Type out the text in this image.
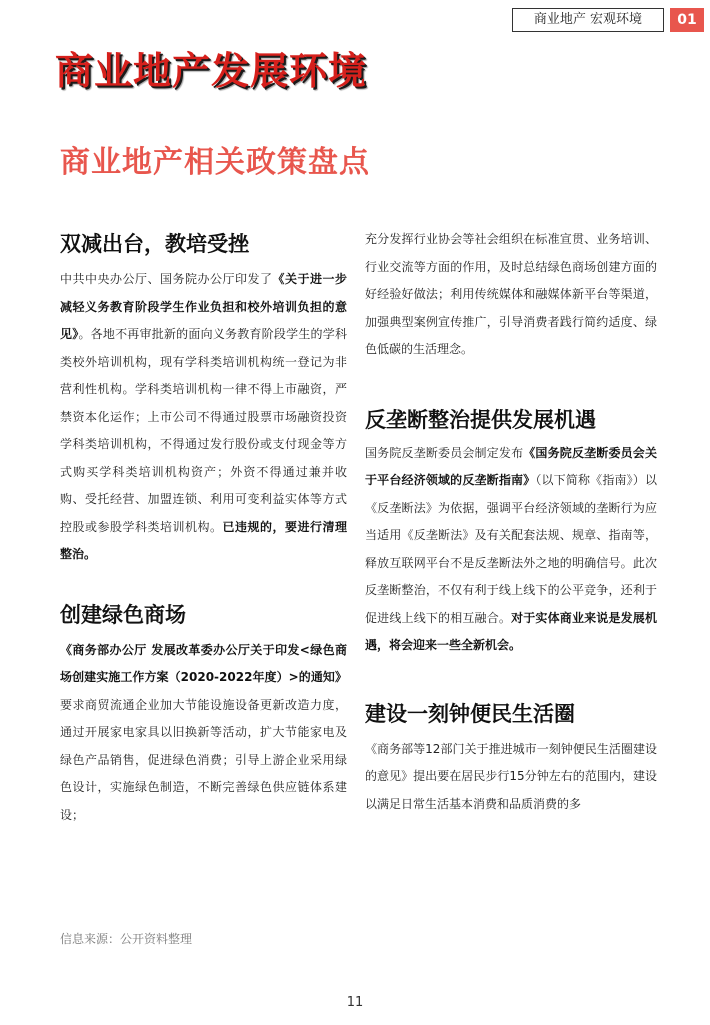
商业地产 宏观环境	01
商业地产发展环境
商业地产相关政策盘点
双减出台，教培受挫

中共中央办公厅、国务院办公厅印发了《关于进一步减轻义务教育阶段学生作业负担和校外培训负担的意见》。各地不再审批新的面向义务教育阶段学生的学科类校外培训机构，现有学科类培训机构统一登记为非营利性机构。学科类培训机构一律不得上市融资，严禁资本化运作；上市公司不得通过股票市场融资投资学科类培训机构，不得通过发行股份或支付现金等方式购买学科类培训机构资产；外资不得通过兼并收购、受托经营、加盟连锁、利用可变利益实体等方式控股或参股学科类培训机构。已违规的，要进行清理整治。

创建绿色商场

《商务部办公厅 发展改革委办公厅关于印发<绿色商场创建实施工作方案（2020-2022年度）>的通知》要求商贸流通企业加大节能设施设备更新改造力度，通过开展家电家具以旧换新等活动，扩大节能家电及绿色产品销售，促进绿色消费；引导上游企业采用绿色设计，实施绿色制造，不断完善绿色供应链体系建设；

充分发挥行业协会等社会组织在标准宣贯、业务培训、行业交流等方面的作用，及时总结绿色商场创建方面的好经验好做法；利用传统媒体和融媒体新平台等渠道，加强典型案例宣传推广，引导消费者践行简约适度、绿色低碳的生活理念。

反垄断整治提供发展机遇

国务院反垄断委员会制定发布《国务院反垄断委员会关于平台经济领域的反垄断指南》（以下简称《指南》）以《反垄断法》为依据，强调平台经济领域的垄断行为应当适用《反垄断法》及有关配套法规、规章、指南等，释放互联网平台不是反垄断法外之地的明确信号。此次反垄断整治，不仅有利于线上线下的公平竞争，还利于促进线上线下的相互融合。对于实体商业来说是发展机遇，将会迎来一些全新机会。

建设一刻钟便民生活圈

《商务部等12部门关于推进城市一刻钟便民生活圈建设的意见》提出要在居民步行15分钟左右的范围内，建设以满足日常生活基本消费和品质消费的多

信息来源：公开资料整理
11
